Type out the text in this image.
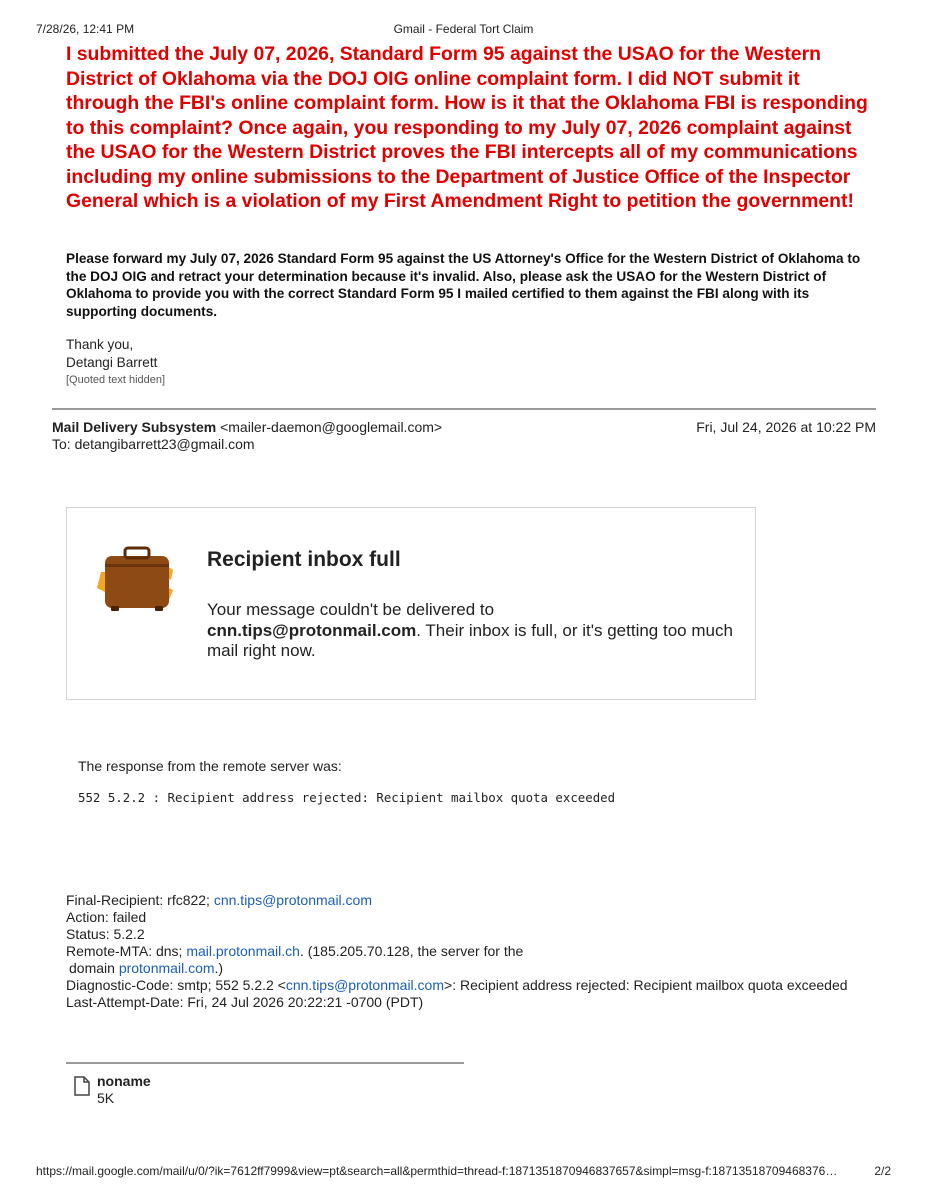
7/28/26, 12:41 PM	Gmail - Federal Tort Claim

I submitted the July 07, 2026, Standard Form 95 against the USAO for the Western District of Oklahoma via the DOJ OIG online complaint form. I did NOT submit it through the FBI's online complaint form. How is it that the Oklahoma FBI is responding to this complaint? Once again, you responding to my July 07, 2026 complaint against the USAO for the Western District proves the FBI intercepts all of my communications including my online submissions to the Department of Justice Office of the Inspector General which is a violation of my First Amendment Right to petition the government!

Please forward my July 07, 2026 Standard Form 95 against the US Attorney's Office for the Western District of Oklahoma to the DOJ OIG and retract your determination because it's invalid. Also, please ask the USAO for the Western District of Oklahoma to provide you with the correct Standard Form 95 I mailed certified to them against the FBI along with its supporting documents.

Thank you,
Detangi Barrett
[Quoted text hidden]
Mail Delivery Subsystem <mailer-daemon@googlemail.com>
To: detangibarrett23@gmail.com
Fri, Jul 24, 2026 at 10:22 PM
Recipient inbox full
Your message couldn't be delivered to
cnn.tips@protonmail.com. Their inbox is full, or it's getting too much mail right now.
The response from the remote server was:
552 5.2.2 : Recipient address rejected: Recipient mailbox quota exceeded
Final-Recipient: rfc822; cnn.tips@protonmail.com
Action: failed
Status: 5.2.2
Remote-MTA: dns; mail.protonmail.ch. (185.205.70.128, the server for the
domain protonmail.com.)
Diagnostic-Code: smtp; 552 5.2.2 <cnn.tips@protonmail.com>: Recipient address rejected: Recipient mailbox quota exceeded
Last-Attempt-Date: Fri, 24 Jul 2026 20:22:21 -0700 (PDT)
noname
5K
https://mail.google.com/mail/u/0/?ik=7612ff7999&view=pt&search=all&permthid=thread-f:1871351870946837657&simpl=msg-f:18713518709468376…	2/2
